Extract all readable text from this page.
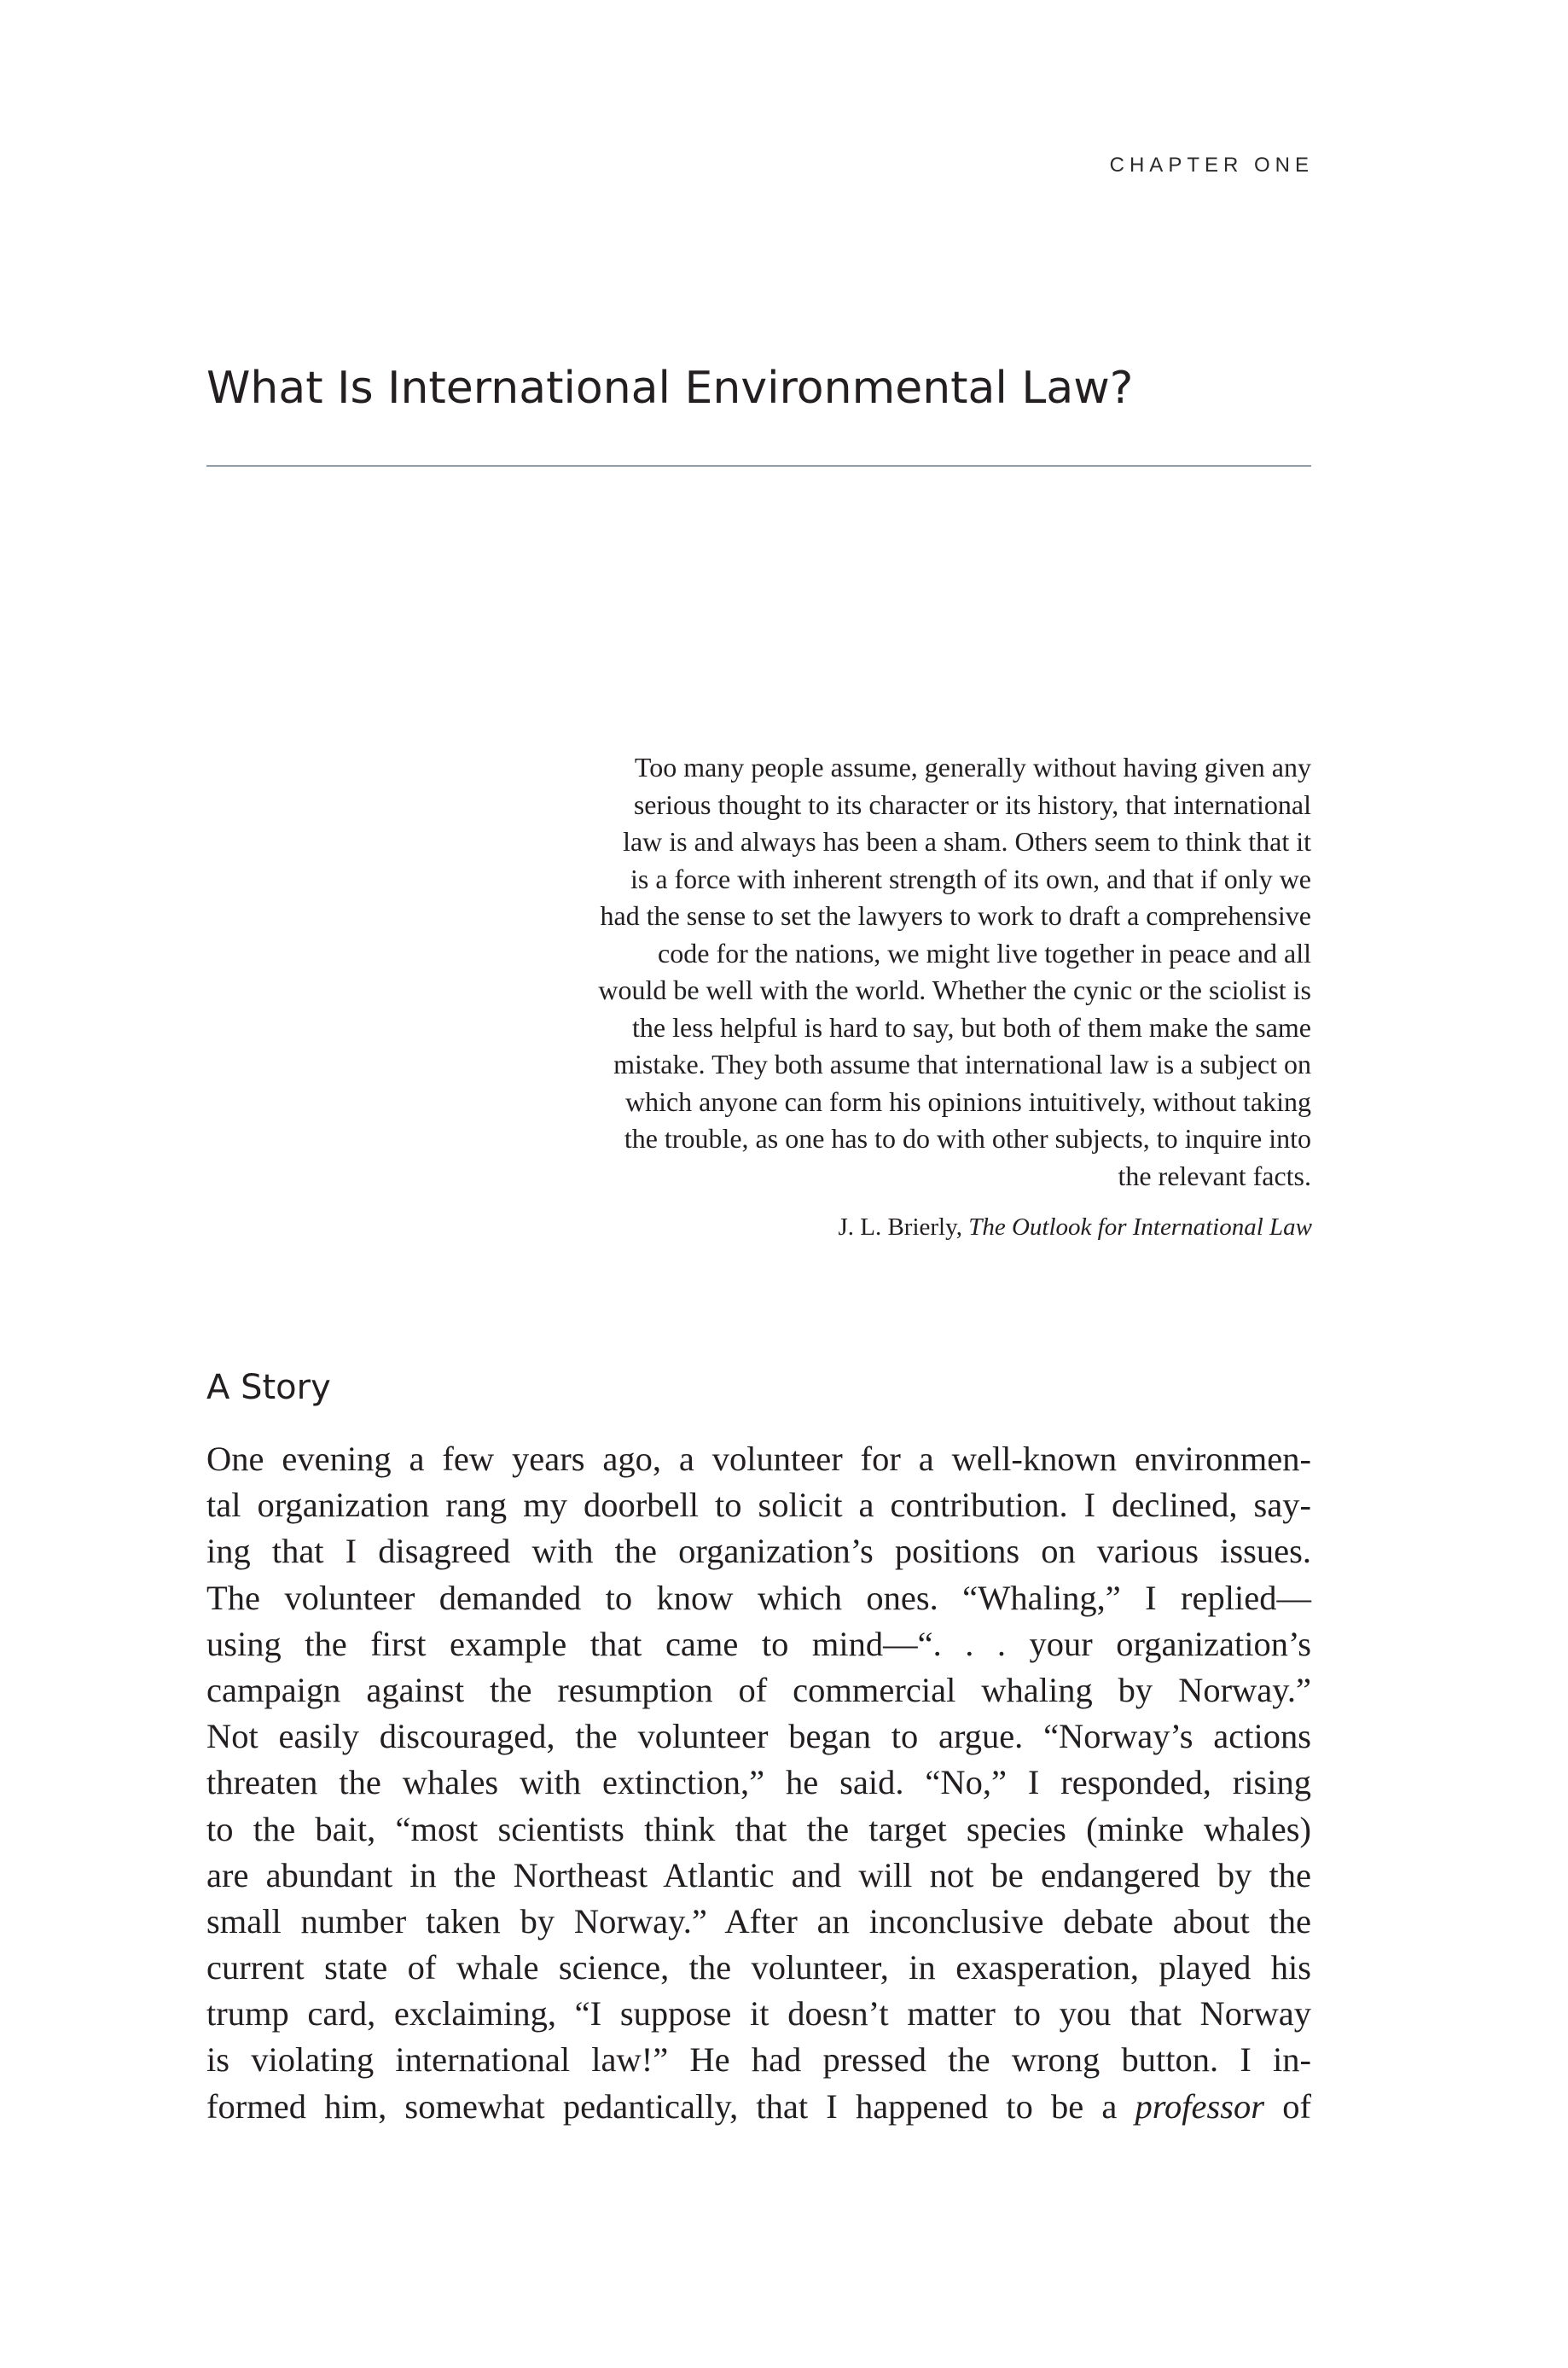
CHAPTER ONE
What Is International Environmental Law?
Too many people assume, generally without having given any
serious thought to its character or its history, that international
law is and always has been a sham. Others seem to think that it
is a force with inherent strength of its own, and that if only we
had the sense to set the lawyers to work to draft a comprehensive
code for the nations, we might live together in peace and all
would be well with the world. Whether the cynic or the sciolist is
the less helpful is hard to say, but both of them make the same
mistake. They both assume that international law is a subject on
which anyone can form his opinions intuitively, without taking
the trouble, as one has to do with other subjects, to inquire into
the relevant facts.
J. L. Brierly, The Outlook for International Law
A Story
One evening a few years ago, a volunteer for a well-known environmen-
tal organization rang my doorbell to solicit a contribution. I declined, say-
ing that I disagreed with the organization’s positions on various issues.
The volunteer demanded to know which ones. “Whaling,” I replied—
using the first example that came to mind—“. . . your organization’s
campaign against the resumption of commercial whaling by Norway.”
Not easily discouraged, the volunteer began to argue. “Norway’s actions
threaten the whales with extinction,” he said. “No,” I responded, rising
to the bait, “most scientists think that the target species (minke whales)
are abundant in the Northeast Atlantic and will not be endangered by the
small number taken by Norway.” After an inconclusive debate about the
current state of whale science, the volunteer, in exasperation, played his
trump card, exclaiming, “I suppose it doesn’t matter to you that Norway
is violating international law!” He had pressed the wrong button. I in-
formed him, somewhat pedantically, that I happened to be a professor of
